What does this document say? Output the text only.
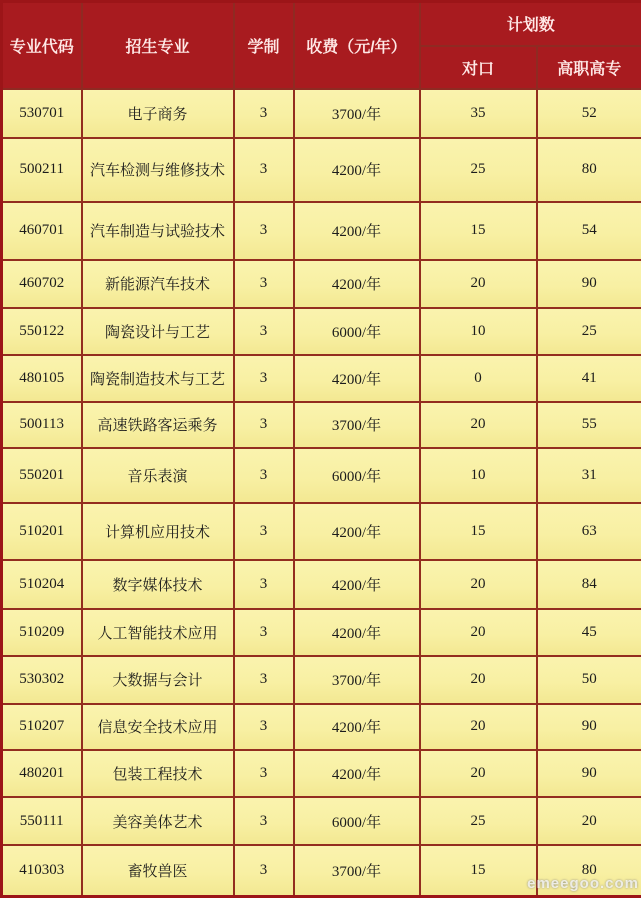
专业代码	招生专业	学制	收费（元/年）	计划数	
				对口	高职高专
530701	电子商务	3	3700/年	35	52
500211	汽车检测与维修技术	3	4200/年	25	80
460701	汽车制造与试验技术	3	4200/年	15	54
460702	新能源汽车技术	3	4200/年	20	90
550122	陶瓷设计与工艺	3	6000/年	10	25
480105	陶瓷制造技术与工艺	3	4200/年	0	41
500113	高速铁路客运乘务	3	3700/年	20	55
550201	音乐表演	3	6000/年	10	31
510201	计算机应用技术	3	4200/年	15	63
510204	数字媒体技术	3	4200/年	20	84
510209	人工智能技术应用	3	4200/年	20	45
530302	大数据与会计	3	3700/年	20	50
510207	信息安全技术应用	3	4200/年	20	90
480201	包装工程技术	3	4200/年	20	90
550111	美容美体艺术	3	6000/年	25	20
410303	畜牧兽医	3	3700/年	15	80
emeegoo.com
